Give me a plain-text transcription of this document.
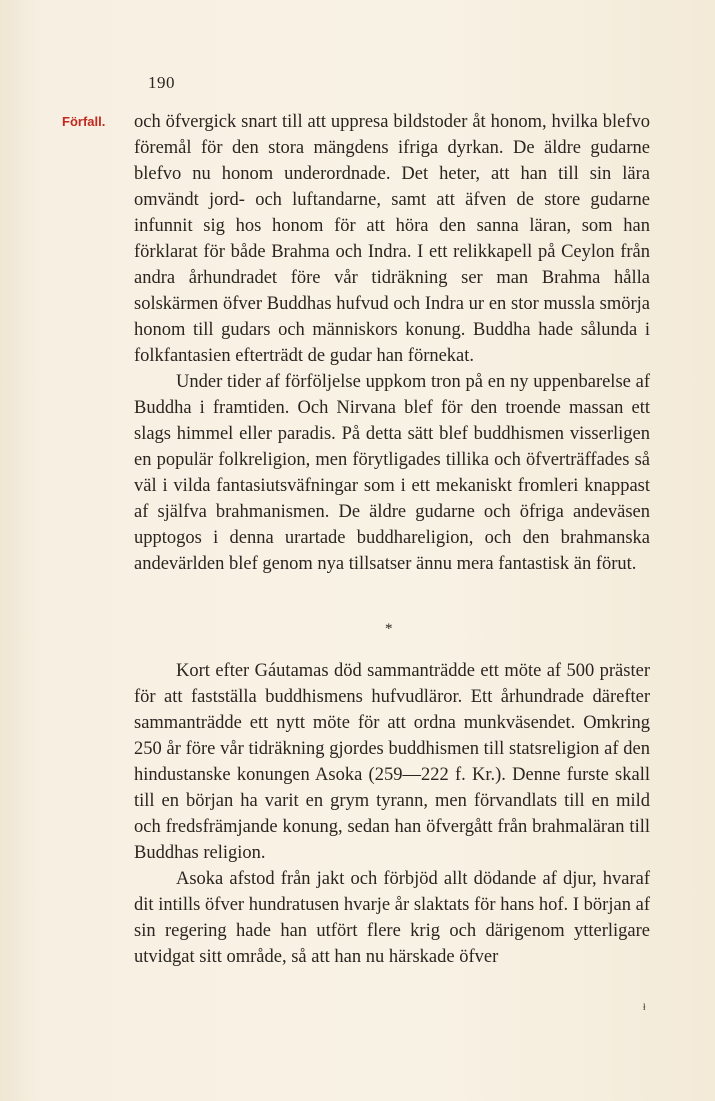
190
Förfall. och öfvergick snart till att uppresa bildstoder åt honom, hvilka blefvo föremål för den stora mängdens ifriga dyrkan. De äldre gudarne blefvo nu honom underordnade. Det heter, att han till sin lära omvändt jord- och luftandarne, samt att äfven de store gudarne infunnit sig hos honom för att höra den sanna läran, som han förklarat för både Brahma och Indra. I ett relikkapell på Ceylon från andra århundradet före vår tidräkning ser man Brahma hålla solskärmen öfver Buddhas hufvud och Indra ur en stor mussla smörja honom till gudars och människors konung. Buddha hade sålunda i folkfantasien efterträdt de gudar han förnekat.

Under tider af förföljelse uppkom tron på en ny uppenbarelse af Buddha i framtiden. Och Nirvana blef för den troende massan ett slags himmel eller paradis. På detta sätt blef buddhismen visserligen en populär folkreligion, men förytligades tillika och öfverträffades så väl i vilda fantasiutsväfningar som i ett mekaniskt fromleri knappast af själfva brahmanismen. De äldre gudarne och öfriga andeväsen upptogos i denna urartade buddhareligion, och den brahmanska andevärlden blef genom nya tillsatser ännu mera fantastisk än förut.

*

Kort efter Gáutamas död sammanträdde ett möte af 500 präster för att fastställa buddhismens hufvudläror. Ett århundrade därefter sammanträdde ett nytt möte för att ordna munkväsendet. Omkring 250 år före vår tidräkning gjordes buddhismen till statsreligion af den hindustanske konungen Asoka (259—222 f. Kr.). Denne furste skall till en början ha varit en grym tyrann, men förvandlats till en mild och fredsfrämjande konung, sedan han öfvergått från brahmaläran till Buddhas religion.

Asoka afstod från jakt och förbjöd allt dödande af djur, hvaraf dit intills öfver hundratusen hvarje år slaktats för hans hof. I början af sin regering hade han utfört flere krig och därigenom ytterligare utvidgat sitt område, så att han nu härskade öfver

ⱡ
